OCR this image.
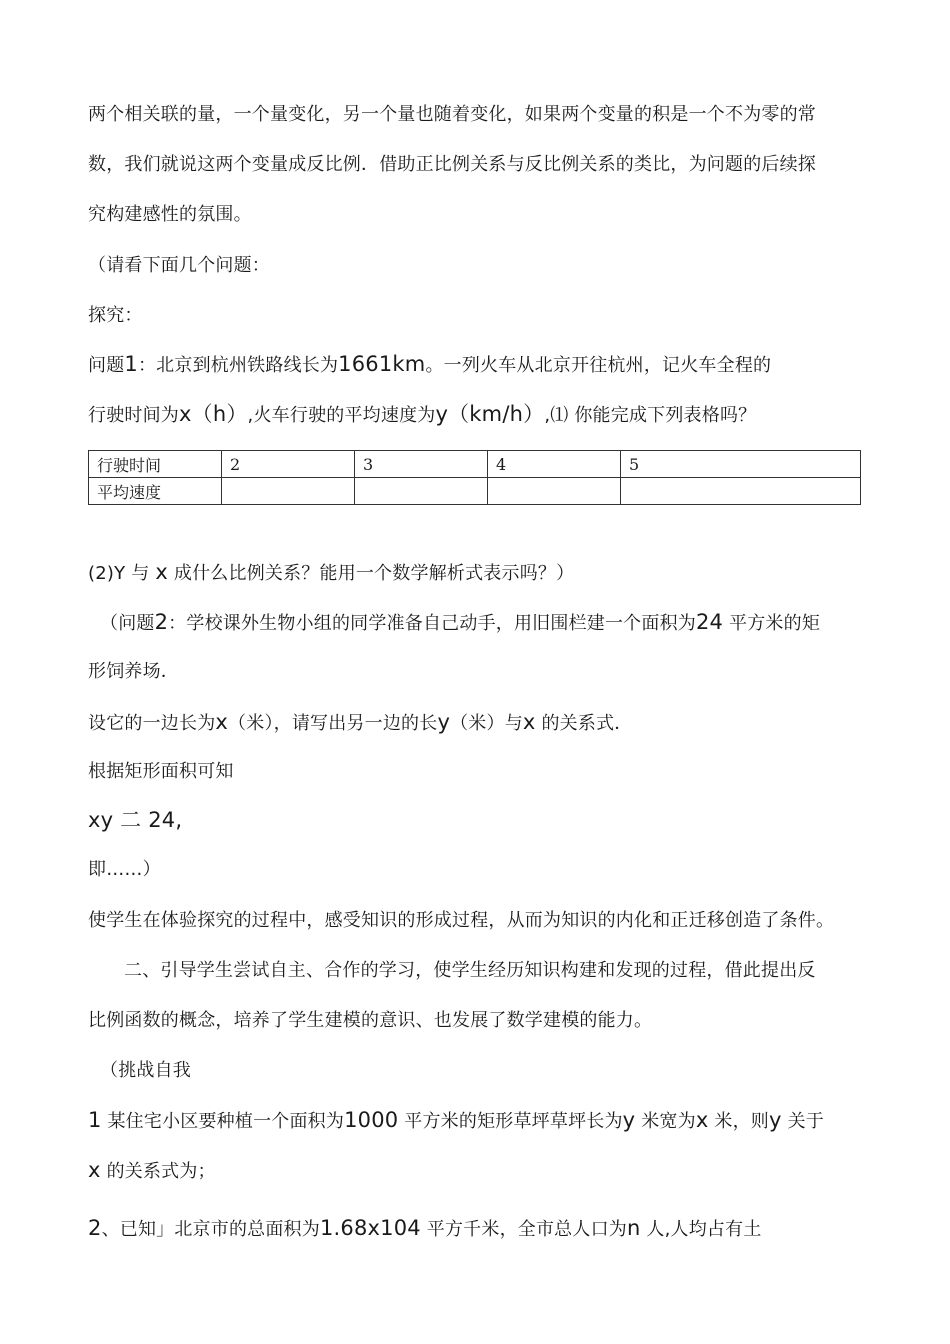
两个相关联的量，一个量变化，另一个量也随着变化，如果两个变量的积是一个不为零的常
数，我们就说这两个变量成反比例．借助正比例关系与反比例关系的类比，为问题的后续探
究构建感性的氛围。
（请看下面几个问题：
探究：
问题1：北京到杭州铁路线长为1661km。一列火车从北京开往杭州，记火车全程的
行驶时间为x（h）,火车行驶的平均速度为y（km/h）,⑴ 你能完成下列表格吗？
行驶时间	2	3	4	5
平均速度				
(2)Y 与 x 成什么比例关系？能用一个数学解析式表示吗？）
（问题2：学校课外生物小组的同学准备自己动手，用旧围栏建一个面积为24 平方米的矩
形饲养场．
设它的一边长为x（米），请写出另一边的长y（米）与x 的关系式．
根据矩形面积可知
xy 二 24,
即……）
使学生在体验探究的过程中，感受知识的形成过程，从而为知识的内化和正迁移创造了条件。
二、引导学生尝试自主、合作的学习，使学生经历知识构建和发现的过程，借此提出反
比例函数的概念，培养了学生建模的意识、也发展了数学建模的能力。
（挑战自我
1 某住宅小区要种植一个面积为1000 平方米的矩形草坪草坪长为y 米宽为x 米，则y 关于
x 的关系式为；
2、已知」北京市的总面积为1.68x104 平方千米，全市总人口为n 人,人均占有土
